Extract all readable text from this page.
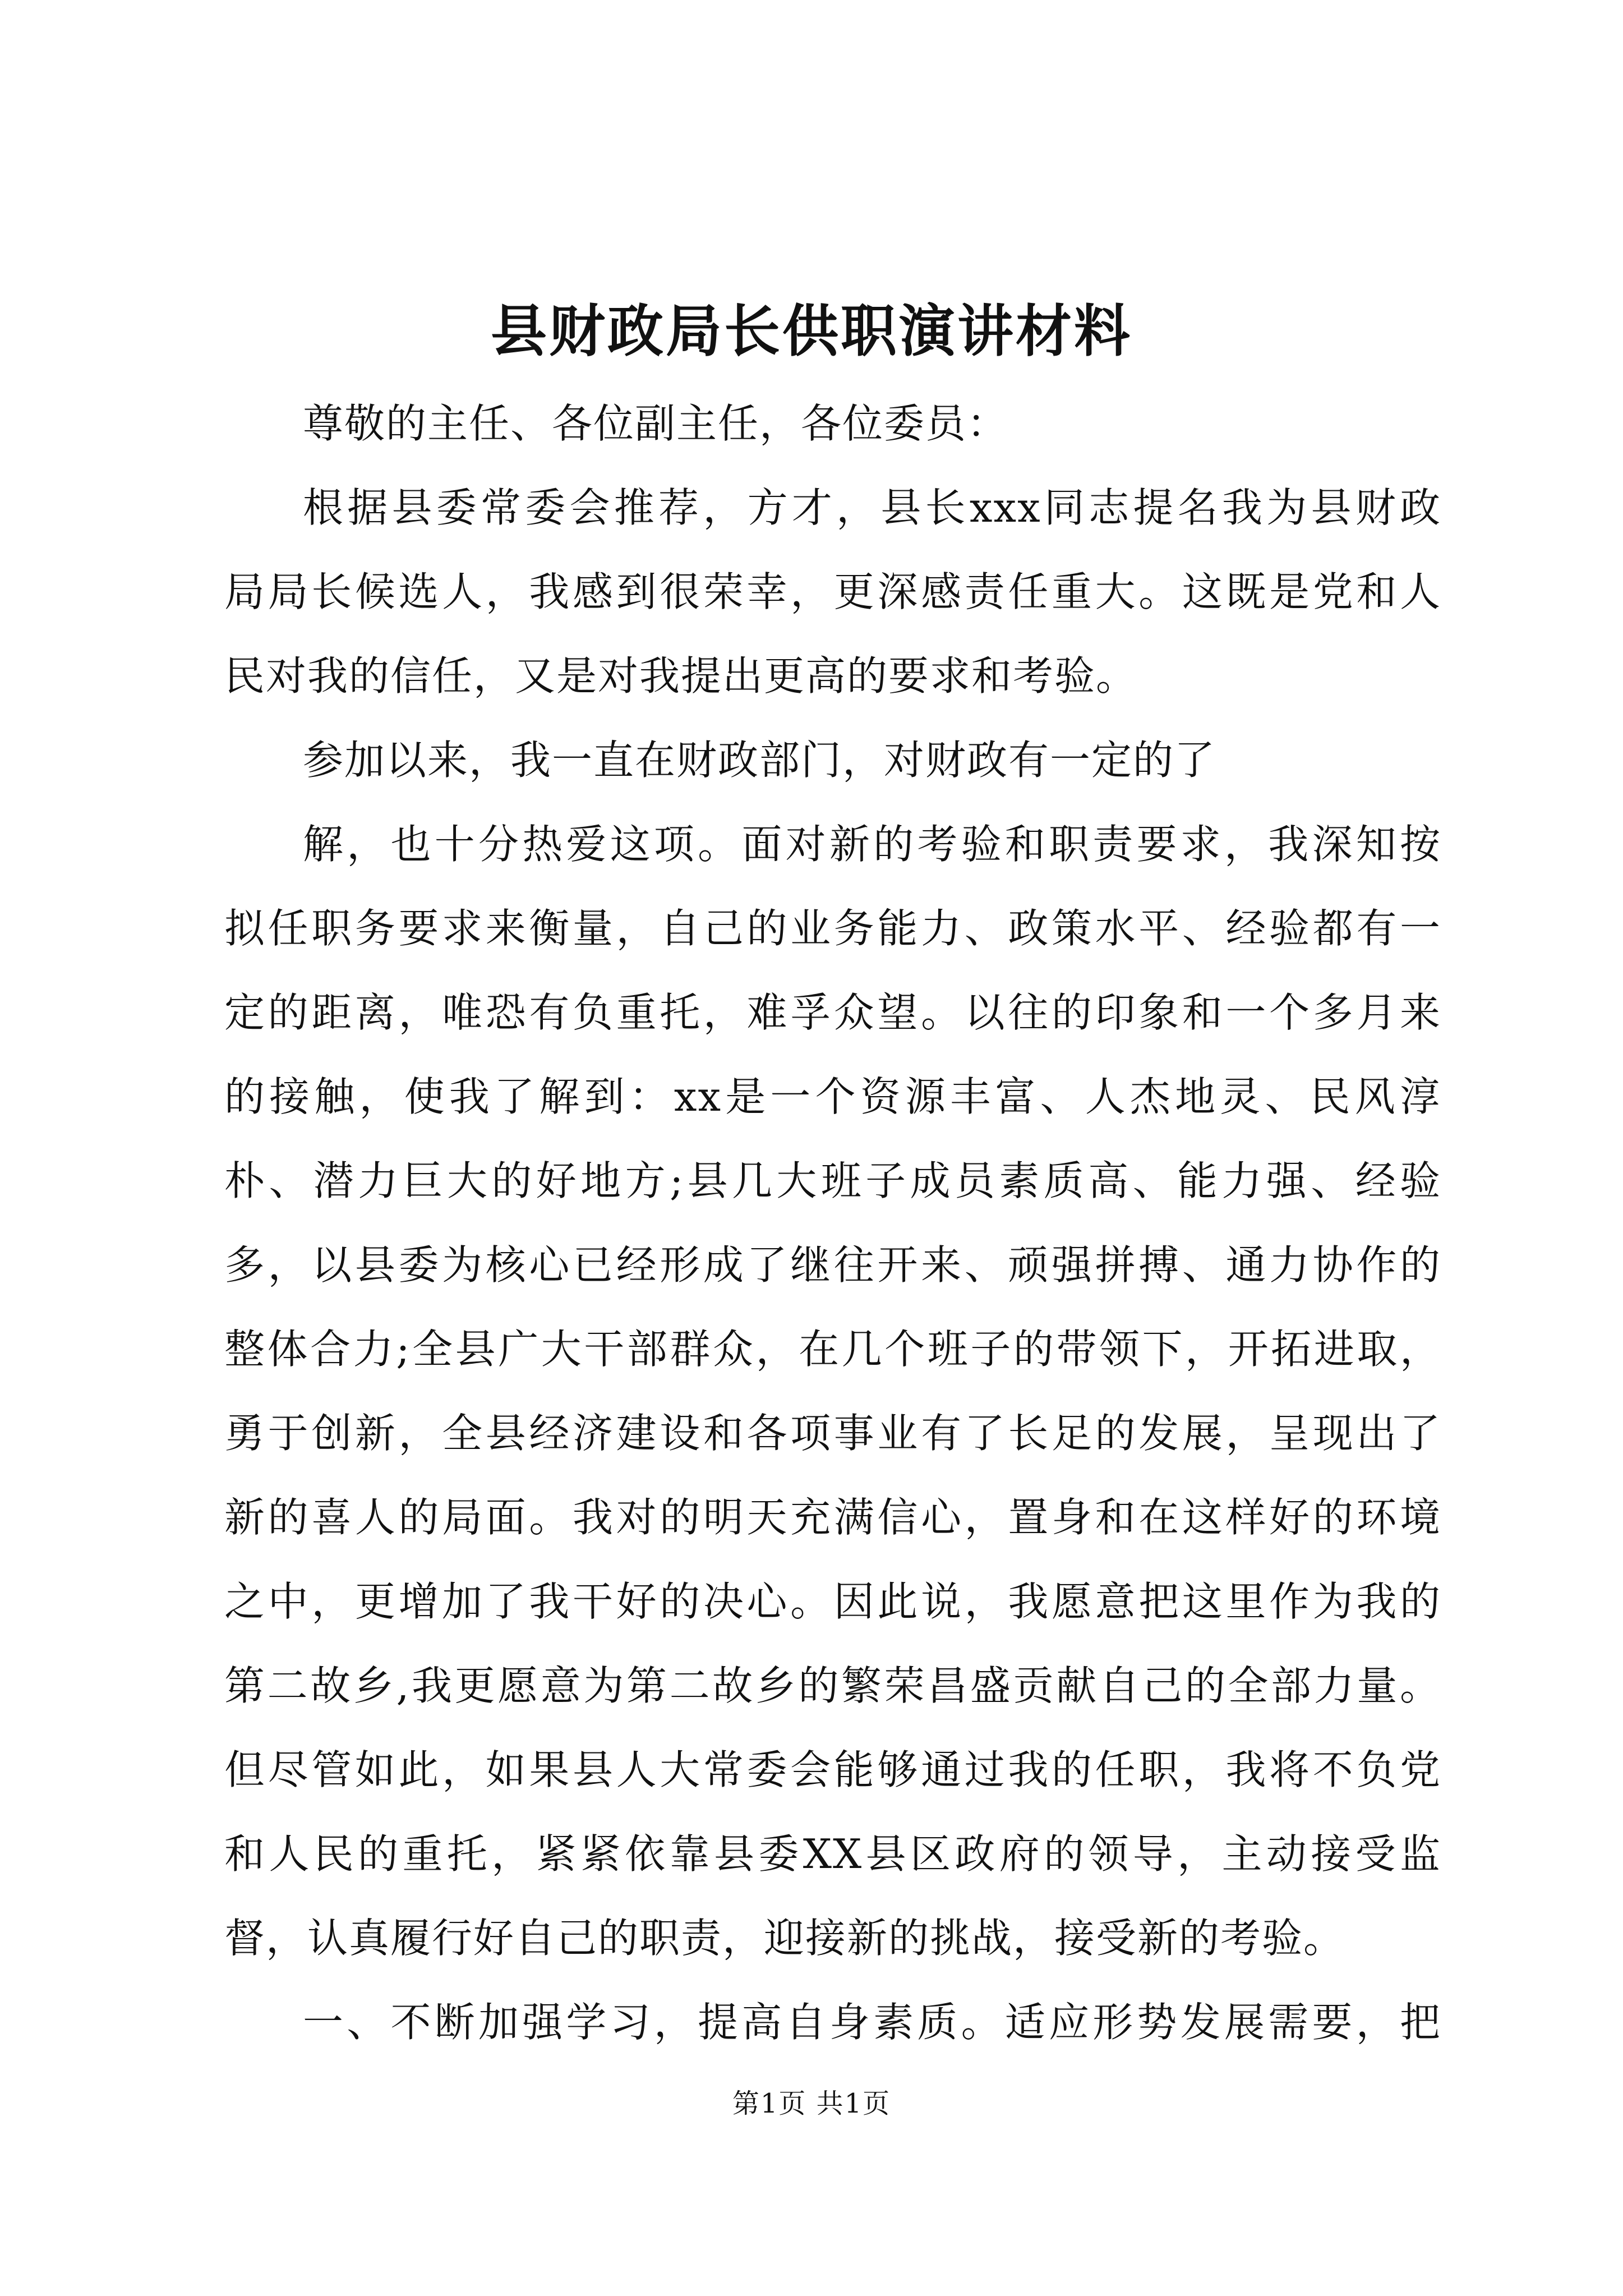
县财政局长供职演讲材料
尊敬的主任、各位副主任，各位委员：
根据县委常委会推荐，方才，县长xxx同志提名我为县财政
局局长候选人，我感到很荣幸，更深感责任重大。这既是党和人
民对我的信任，又是对我提出更高的要求和考验。
参加以来，我一直在财政部门，对财政有一定的了
解，也十分热爱这项。面对新的考验和职责要求，我深知按
拟任职务要求来衡量，自己的业务能力、政策水平、经验都有一
定的距离，唯恐有负重托，难孚众望。以往的印象和一个多月来
的接触，使我了解到：xx是一个资源丰富、人杰地灵、民风淳
朴、潜力巨大的好地方;县几大班子成员素质高、能力强、经验
多，以县委为核心已经形成了继往开来、顽强拼搏、通力协作的
整体合力;全县广大干部群众，在几个班子的带领下，开拓进取，
勇于创新，全县经济建设和各项事业有了长足的发展，呈现出了
新的喜人的局面。我对的明天充满信心，置身和在这样好的环境
之中，更增加了我干好的决心。因此说，我愿意把这里作为我的
第二故乡,我更愿意为第二故乡的繁荣昌盛贡献自己的全部力量。
但尽管如此，如果县人大常委会能够通过我的任职，我将不负党
和人民的重托，紧紧依靠县委XX县区政府的领导，主动接受监
督，认真履行好自己的职责，迎接新的挑战，接受新的考验。
一、不断加强学习，提高自身素质。适应形势发展需要，把
第1页 共1页
